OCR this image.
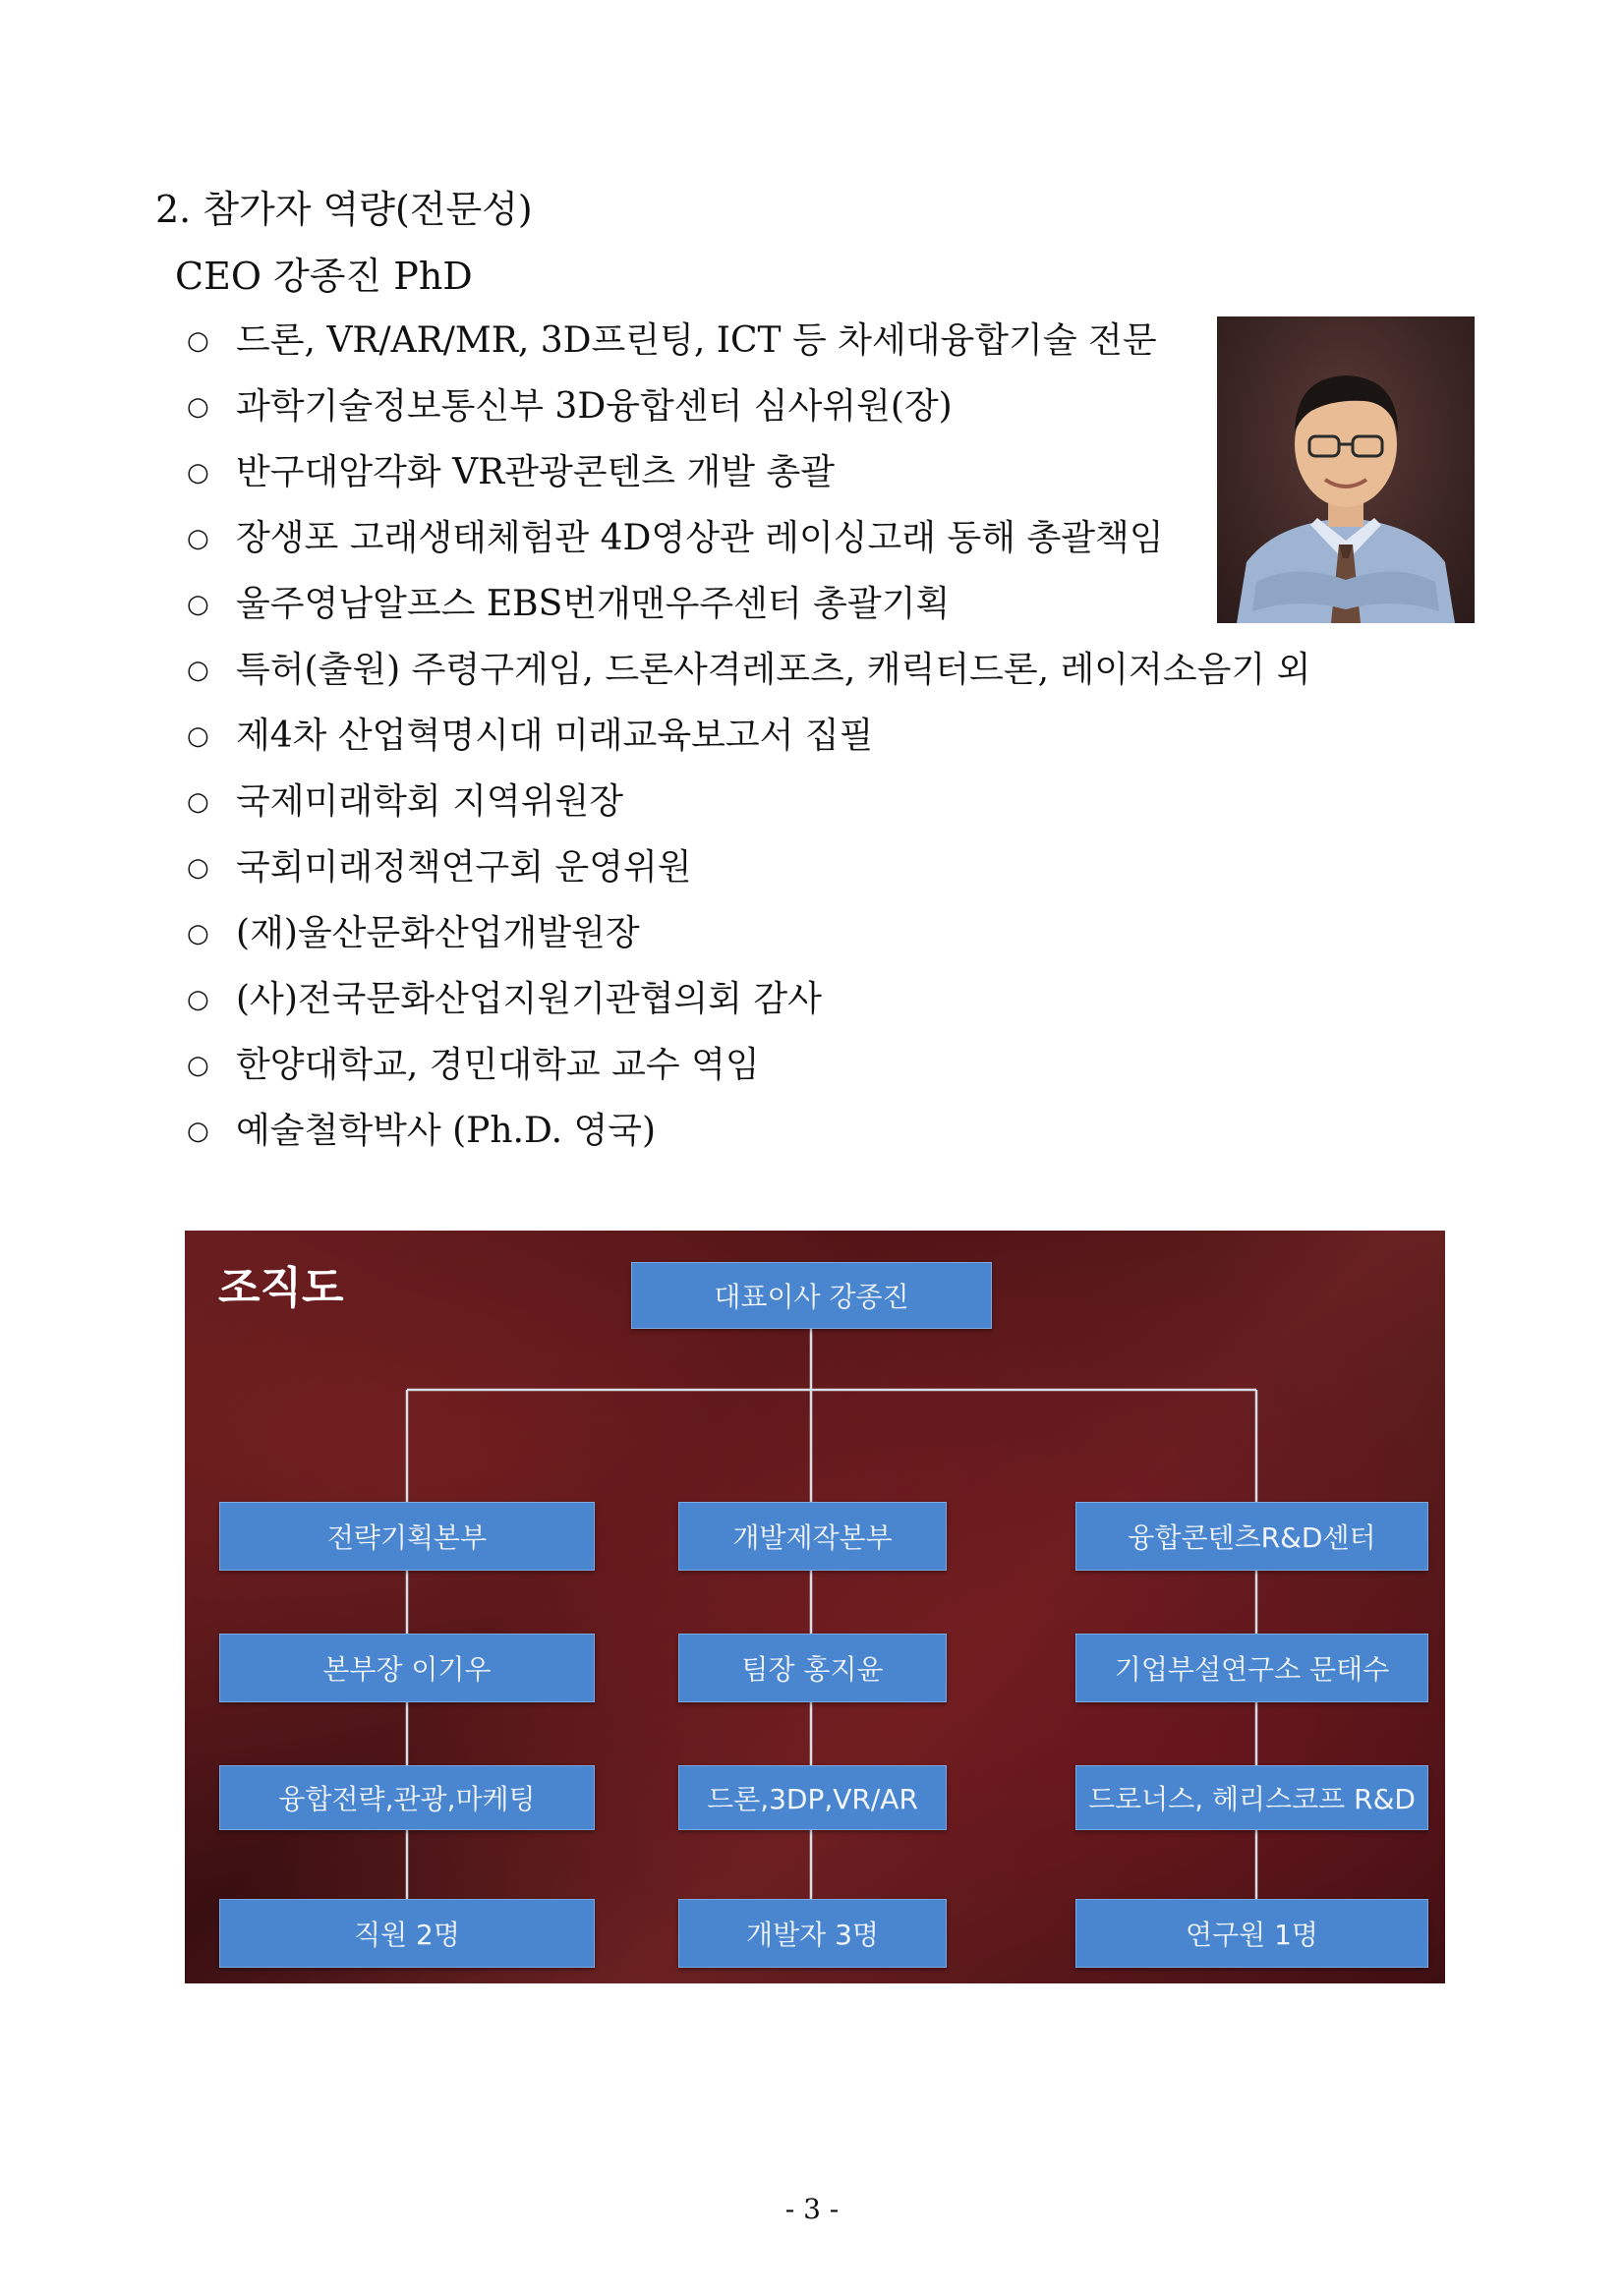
2. 참가자 역량(전문성)
CEO 강종진 PhD
○ 드론, VR/AR/MR, 3D프린팅, ICT 등 차세대융합기술 전문
○ 과학기술정보통신부 3D융합센터 심사위원(장)
○ 반구대암각화 VR관광콘텐츠 개발 총괄
○ 장생포 고래생태체험관 4D영상관 레이싱고래 동해 총괄책임
○ 울주영남알프스 EBS번개맨우주센터 총괄기획
○ 특허(출원) 주령구게임, 드론사격레포츠, 캐릭터드론, 레이저소음기 외
○ 제4차 산업혁명시대 미래교육보고서 집필
○ 국제미래학회 지역위원장
○ 국회미래정책연구회 운영위원
○ (재)울산문화산업개발원장
○ (사)전국문화산업지원기관협의회 감사
○ 한양대학교, 경민대학교 교수 역임
○ 예술철학박사 (Ph.D. 영국)
조직도	대표이사 강종진
전략기획본부
본부장 이기우
융합전략,관광,마케팅
직원 2명
개발제작본부
팀장 홍지윤
드론,3DP,VR/AR
개발자 3명
융합콘텐츠R&D센터
기업부설연구소 문태수
드로너스, 헤리스코프 R&D
연구원 1명
- 3 -
